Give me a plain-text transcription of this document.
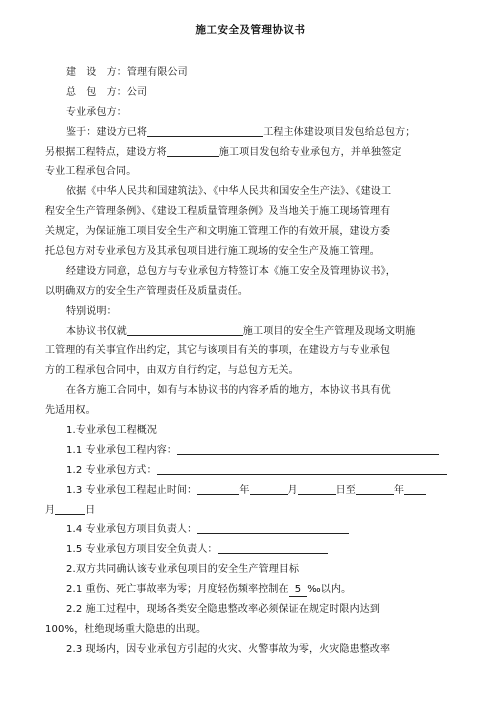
施工安全及管理协议书
建　设　方：管理有限公司
总　包　方：公司
专业承包方：
鉴于：建设方已将	工程主体建设项目发包给总包方；
另根据工程特点，建设方将	施工项目发包给专业承包方，并单独签定
专业工程承包合同。
依据《中华人民共和国建筑法》、《中华人民共和国安全生产法》、《建设工
程安全生产管理条例》、《建设工程质量管理条例》及当地关于施工现场管理有
关规定，为保证施工项目安全生产和文明施工管理工作的有效开展，建设方委
托总包方对专业承包方及其承包项目进行施工现场的安全生产及施工管理。
经建设方同意，总包方与专业承包方特签订本《施工安全及管理协议书》，
以明确双方的安全生产管理责任及质量责任。
特别说明：
本协议书仅就	施工项目的安全生产管理及现场文明施
工管理的有关事宜作出约定，其它与该项目有关的事项，在建设方与专业承包
方的工程承包合同中，由双方自行约定，与总包方无关。
在各方施工合同中，如有与本协议书的内容矛盾的地方，本协议书具有优
先适用权。
1.专业承包工程概况
1.1 专业承包工程内容：
1.2 专业承包方式：
1.3 专业承包工程起止时间：	年	月	日至	年
月	日
1.4 专业承包方项目负责人：
1.5 专业承包方项目安全负责人：
2.双方共同确认该专业承包项目的安全生产管理目标
2.1 重伤、死亡事故率为零；月度轻伤频率控制在 5 ‰以内。
2.2 施工过程中，现场各类安全隐患整改率必须保证在规定时限内达到
100%，杜绝现场重大隐患的出现。
2.3 现场内，因专业承包方引起的火灾、火警事故为零，火灾隐患整改率
